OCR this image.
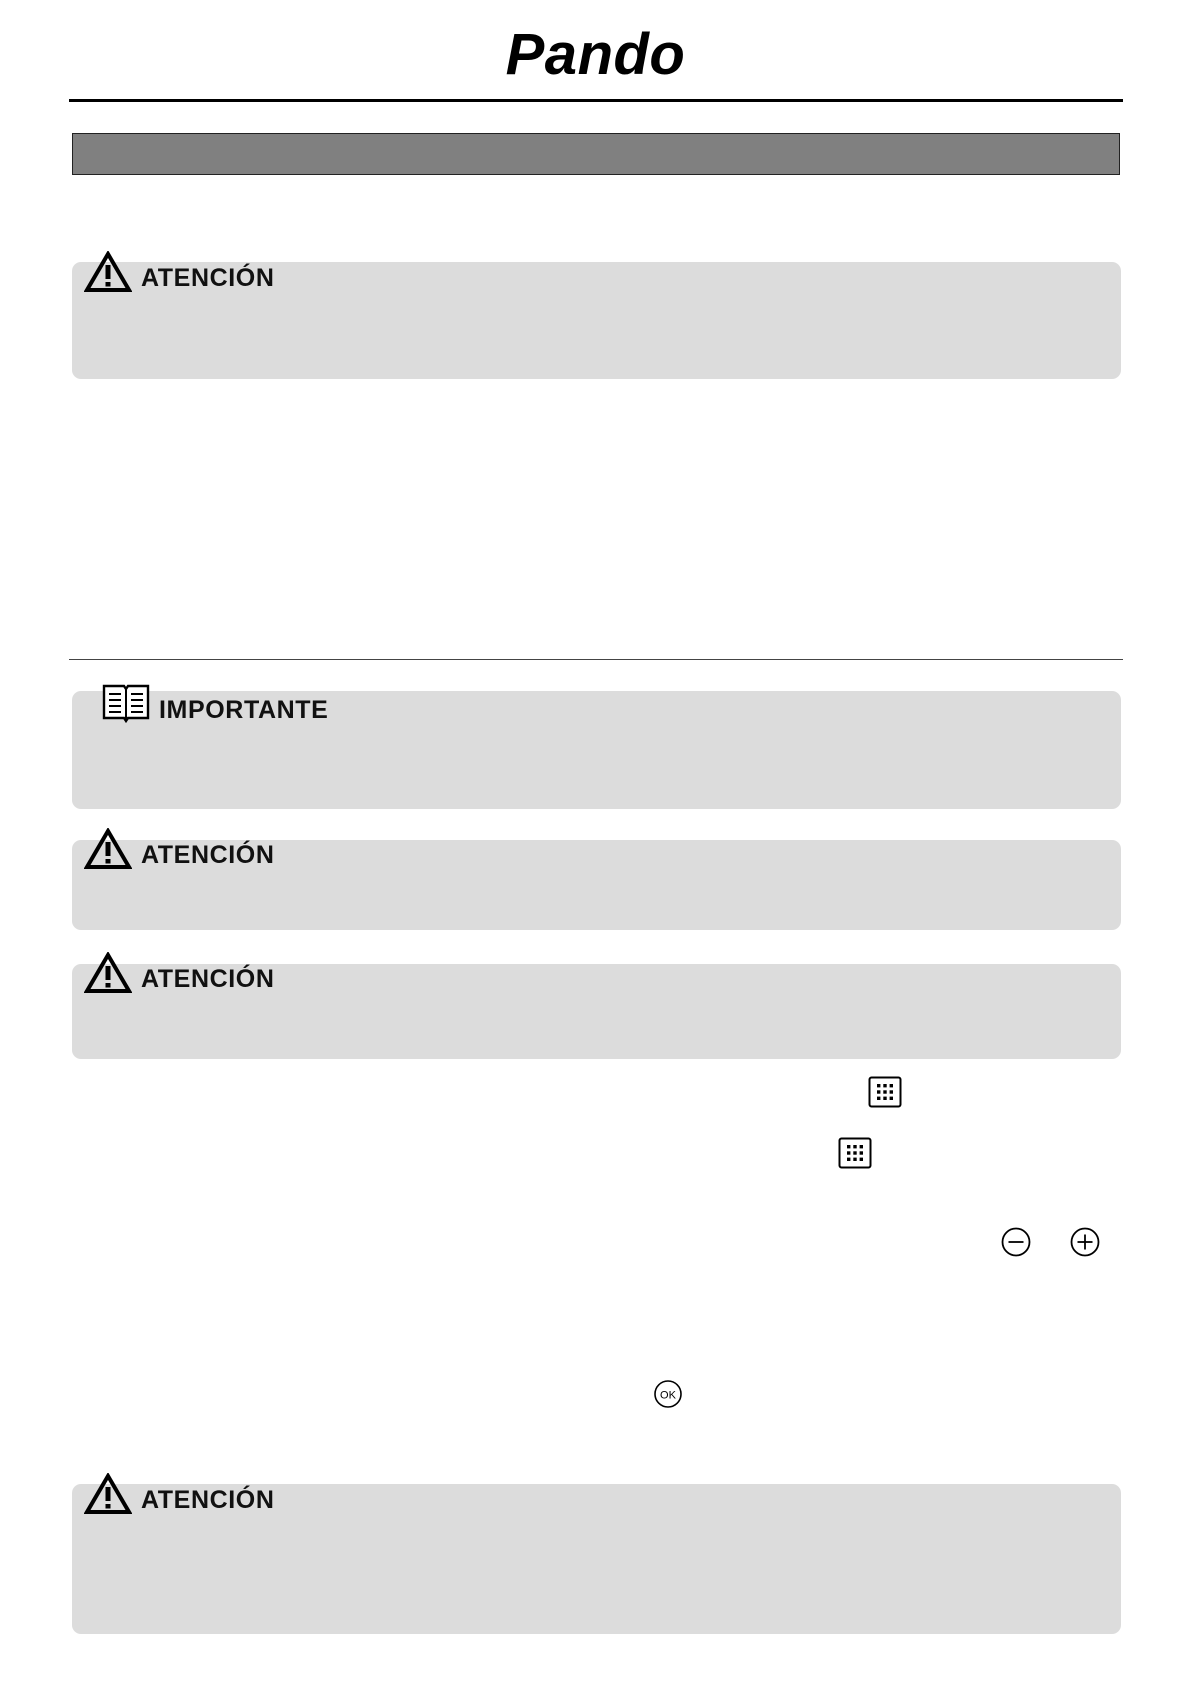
Pando
ATENCIÓN
IMPORTANTE
ATENCIÓN
ATENCIÓN
OK
ATENCIÓN
